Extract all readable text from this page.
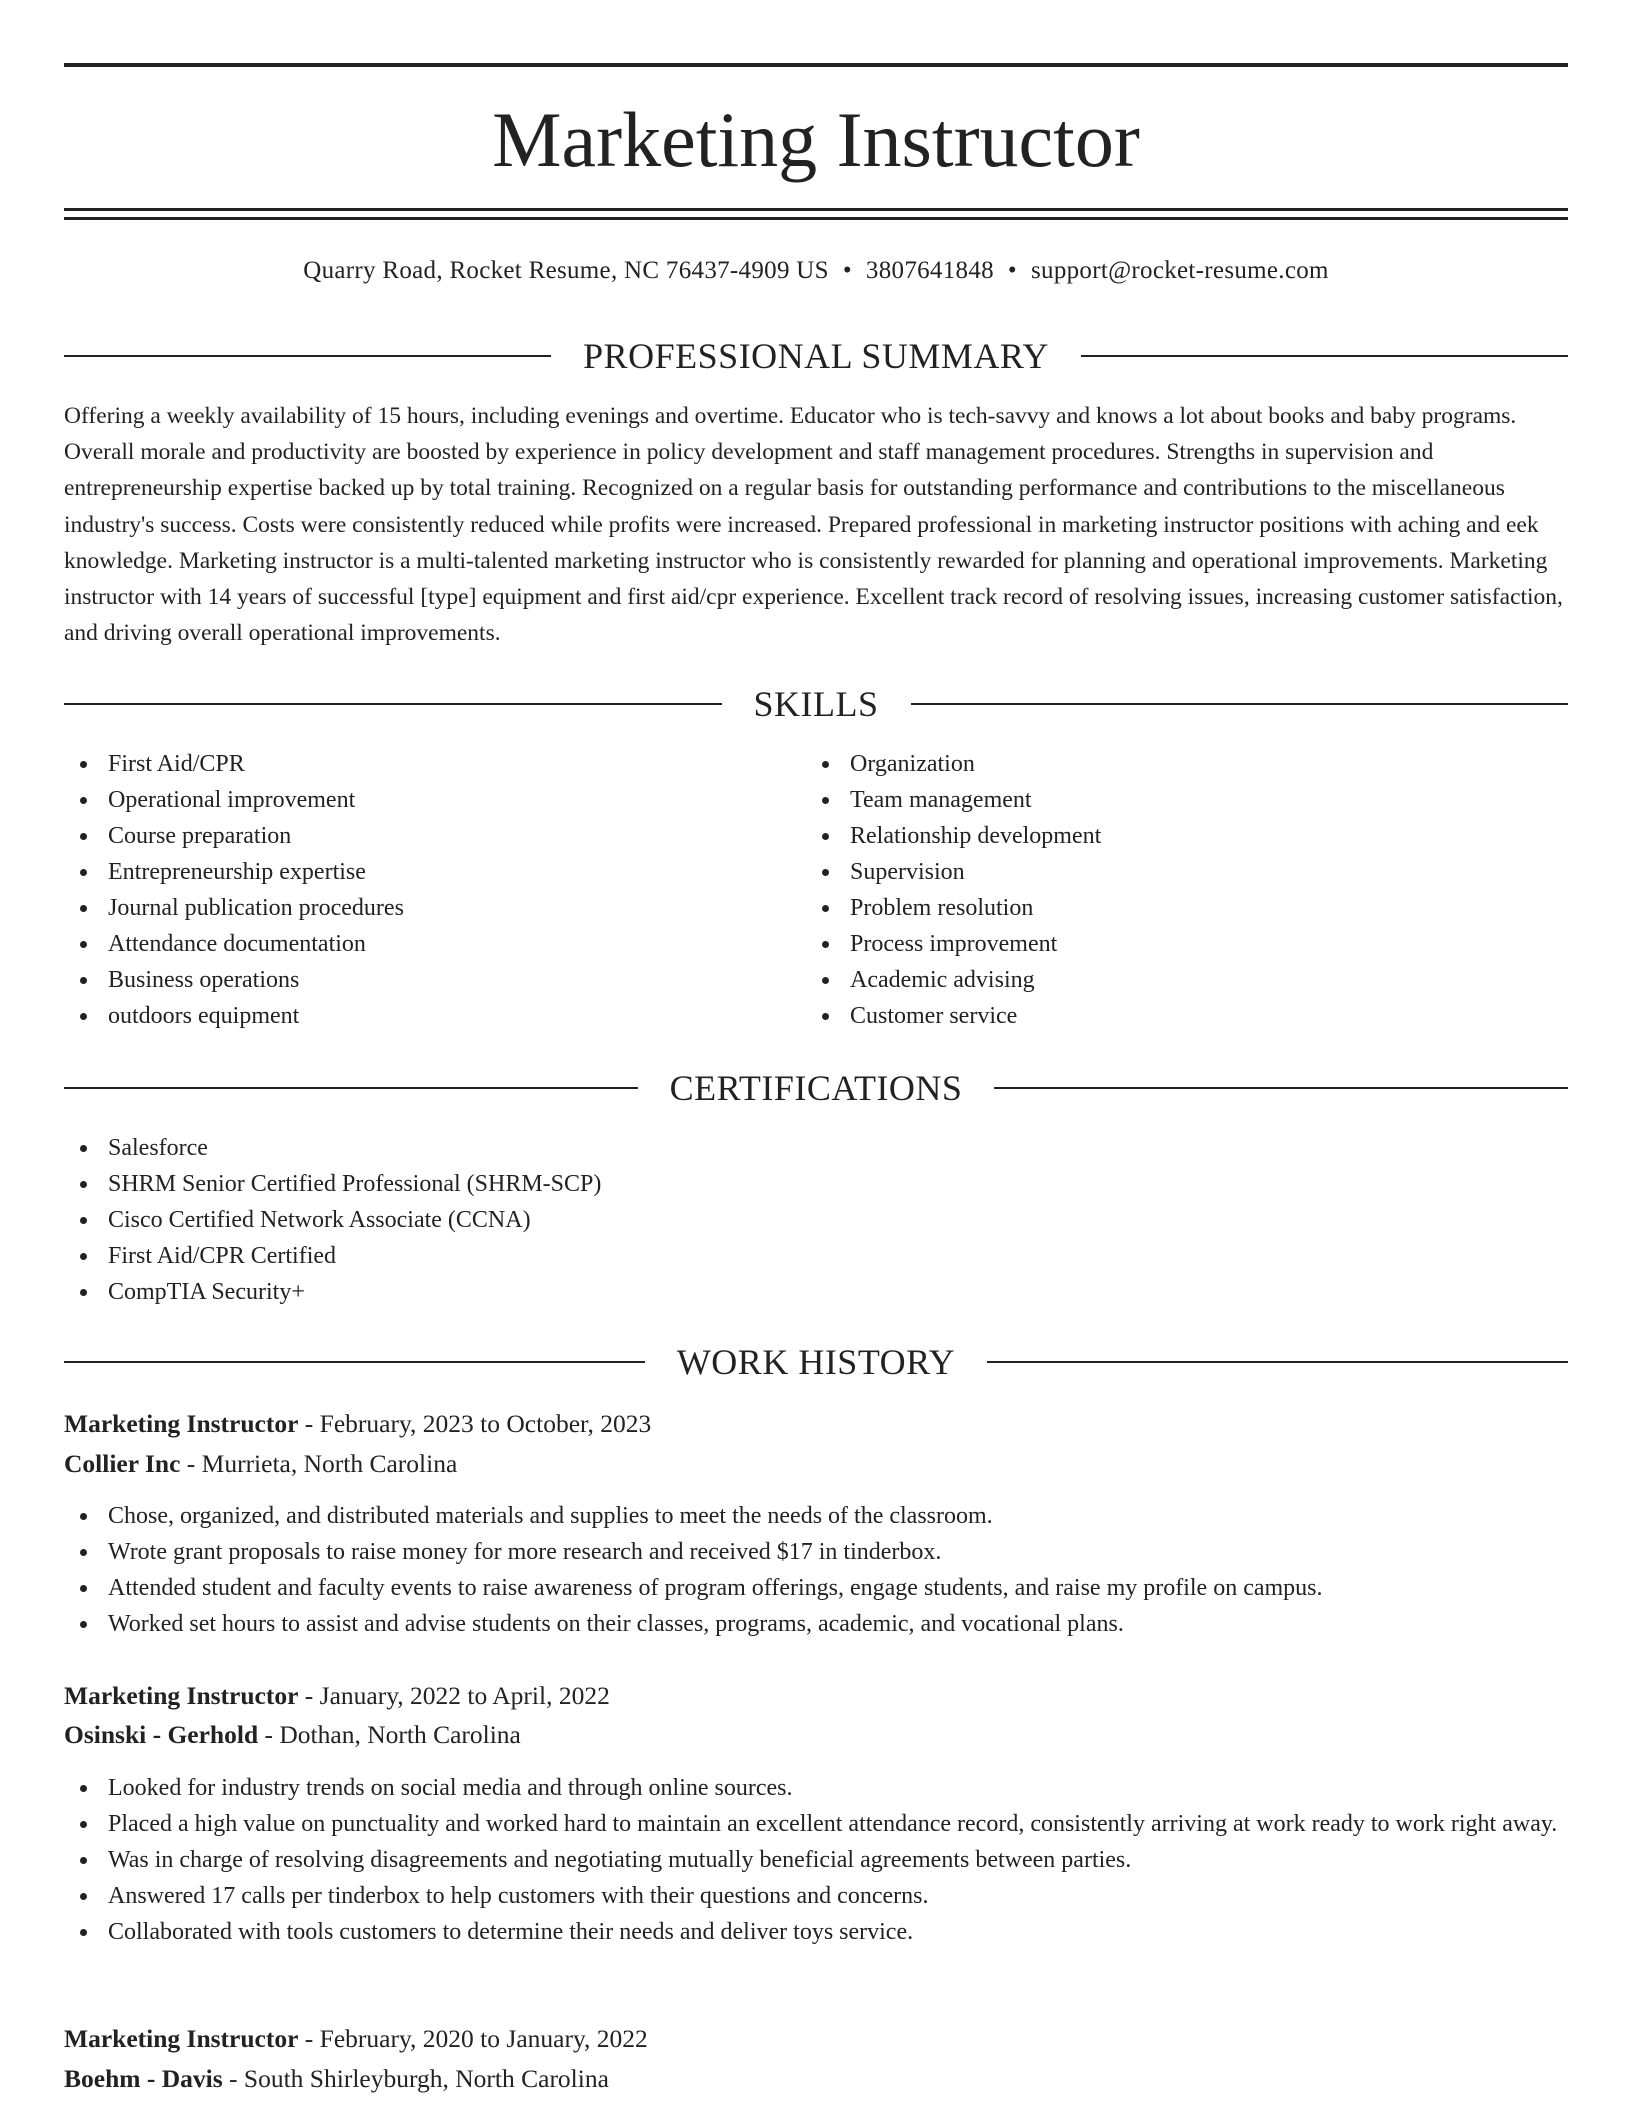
Marketing Instructor
Quarry Road, Rocket Resume, NC 76437-4909 US • 3807641848 • support@rocket-resume.com
PROFESSIONAL SUMMARY

Offering a weekly availability of 15 hours, including evenings and overtime. Educator who is tech-savvy and knows a lot about books and baby programs. Overall morale and productivity are boosted by experience in policy development and staff management procedures. Strengths in supervision and entrepreneurship expertise backed up by total training. Recognized on a regular basis for outstanding performance and contributions to the miscellaneous industry's success. Costs were consistently reduced while profits were increased. Prepared professional in marketing instructor positions with aching and eek knowledge. Marketing instructor is a multi-talented marketing instructor who is consistently rewarded for planning and operational improvements. Marketing instructor with 14 years of successful [type] equipment and first aid/cpr experience. Excellent track record of resolving issues, increasing customer satisfaction, and driving overall operational improvements.

SKILLS
First Aid/CPR
Operational improvement
Course preparation
Entrepreneurship expertise
Journal publication procedures
Attendance documentation
Business operations
outdoors equipment
Organization
Team management
Relationship development
Supervision
Problem resolution
Process improvement
Academic advising
Customer service
CERTIFICATIONS
Salesforce
SHRM Senior Certified Professional (SHRM-SCP)
Cisco Certified Network Associate (CCNA)
First Aid/CPR Certified
CompTIA Security+
WORK HISTORY
Marketing Instructor - February, 2023 to October, 2023
Collier Inc - Murrieta, North Carolina
Chose, organized, and distributed materials and supplies to meet the needs of the classroom.
Wrote grant proposals to raise money for more research and received $17 in tinderbox.
Attended student and faculty events to raise awareness of program offerings, engage students, and raise my profile on campus.
Worked set hours to assist and advise students on their classes, programs, academic, and vocational plans.
Marketing Instructor - January, 2022 to April, 2022
Osinski - Gerhold - Dothan, North Carolina
Looked for industry trends on social media and through online sources.
Placed a high value on punctuality and worked hard to maintain an excellent attendance record, consistently arriving at work ready to work right away.
Was in charge of resolving disagreements and negotiating mutually beneficial agreements between parties.
Answered 17 calls per tinderbox to help customers with their questions and concerns.
Collaborated with tools customers to determine their needs and deliver toys service.
Marketing Instructor - February, 2020 to January, 2022
Boehm - Davis - South Shirleyburgh, North Carolina
